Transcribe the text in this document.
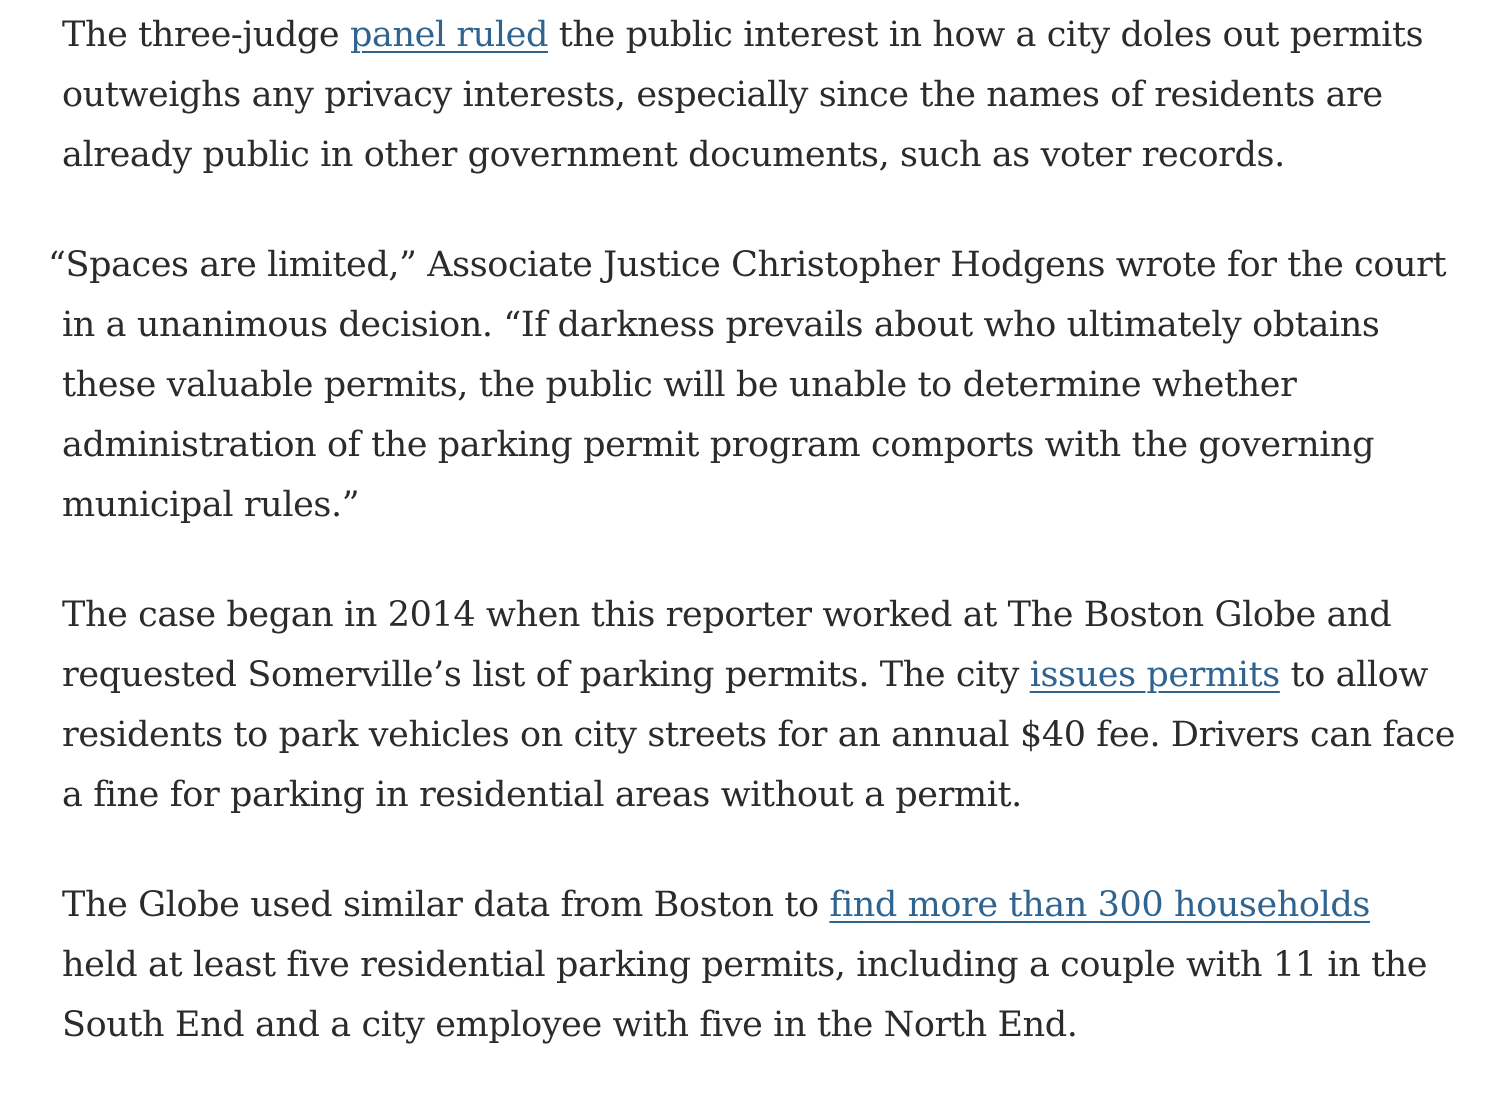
The three-judge panel ruled the public interest in how a city doles out permits
outweighs any privacy interests, especially since the names of residents are
already public in other government documents, such as voter records.

“Spaces are limited,” Associate Justice Christopher Hodgens wrote for the court
in a unanimous decision. “If darkness prevails about who ultimately obtains
these valuable permits, the public will be unable to determine whether
administration of the parking permit program comports with the governing
municipal rules.”

The case began in 2014 when this reporter worked at The Boston Globe and
requested Somerville’s list of parking permits. The city issues permits to allow
residents to park vehicles on city streets for an annual $40 fee. Drivers can face
a fine for parking in residential areas without a permit.

The Globe used similar data from Boston to find more than 300 households
held at least five residential parking permits, including a couple with 11 in the
South End and a city employee with five in the North End.
